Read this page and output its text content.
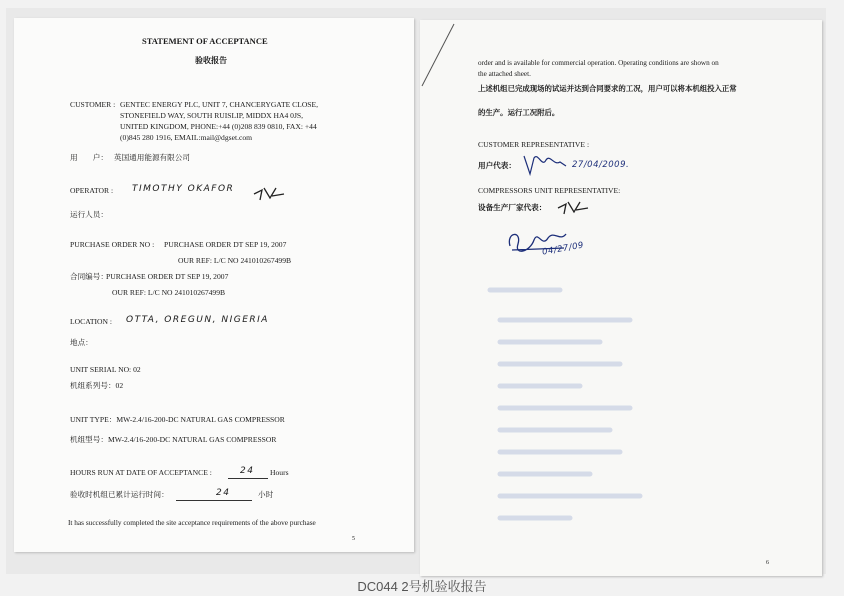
STATEMENT OF ACCEPTANCE
验收报告
CUSTOMER : GENTEC ENERGY PLC, UNIT 7, CHANCERYGATE CLOSE,
STONEFIELD WAY, SOUTH RUISLIP, MIDDX HA4 0JS,
UNITED KINGDOM, PHONE:+44 (0)208 839 0810, FAX: +44
(0)845 280 1916, EMAIL:mail@dgset.com
用　　户： 英国通用能源有限公司
OPERATOR : TIMOTHY OKAFOR
运行人员：
PURCHASE ORDER NO : PURCHASE ORDER DT SEP 19, 2007
OUR REF: L/C NO 241010267499B
合同编号：
PURCHASE ORDER DT SEP 19, 2007
OUR REF: L/C NO 241010267499B
LOCATION : OTTA, OREGUN, NIGERIA
地点：
UNIT SERIAL NO: 02
机组系列号：02
UNIT TYPE：MW-2.4/16-200-DC NATURAL GAS COMPRESSOR
机组型号：MW-2.4/16-200-DC NATURAL GAS COMPRESSOR
HOURS RUN AT DATE OF ACCEPTANCE :	24 Hours
验收时机组已累计运行时间：	24	小时
It has successfully completed the site acceptance requirements of the above purchase
5

order and is available for commercial operation. Operating conditions are shown on
the attached sheet.
上述机组已完成现场的试运并达到合同要求的工况，用户可以将本机组投入正常
的生产。运行工况附后。
CUSTOMER REPRESENTATIVE :
用户代表：	27/04/2009.
COMPRESSORS UNIT REPRESENTATIVE:
设备生产厂家代表：
04/27/09
6
DC044 2号机验收报告
